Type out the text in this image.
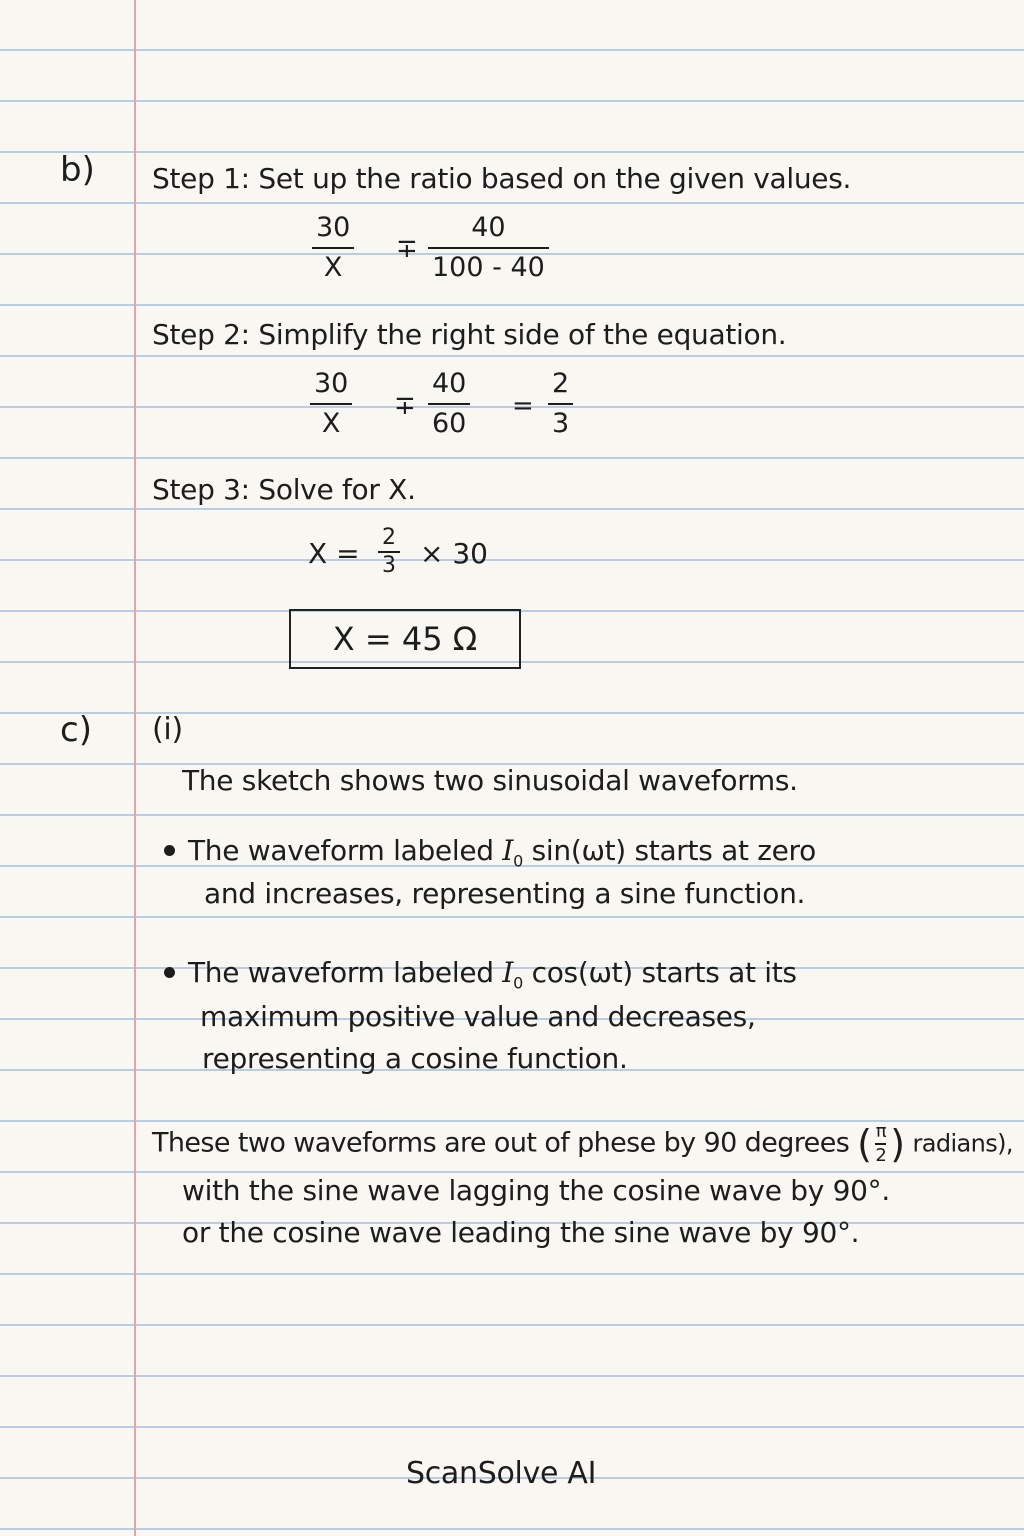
b) Step 1: Set up the ratio based on the given values.
30
X
∓
40
100 - 40
Step 2: Simplify the right side of the equation.
30
X
∓
40
60
=
2
3
Step 3: Solve for X.
X = 2
3 × 30
X = 45 Ω
c) (i)
The sketch shows two sinusoidal waveforms.
The waveform labeled $I_0$ sin(ωt) starts at zero
and increases, representing a sine function.
The waveform labeled $I_0$ cos(ωt) starts at its
maximum positive value and decreases,
representing a cosine function.
These two waveforms are out of phese by 90 degrees ( $\frac{\pi}{2}$ ) radians),
with the sine wave lagging the cosine wave by 90°.
or the cosine wave leading the sine wave by 90°.
ScanSolve AI
